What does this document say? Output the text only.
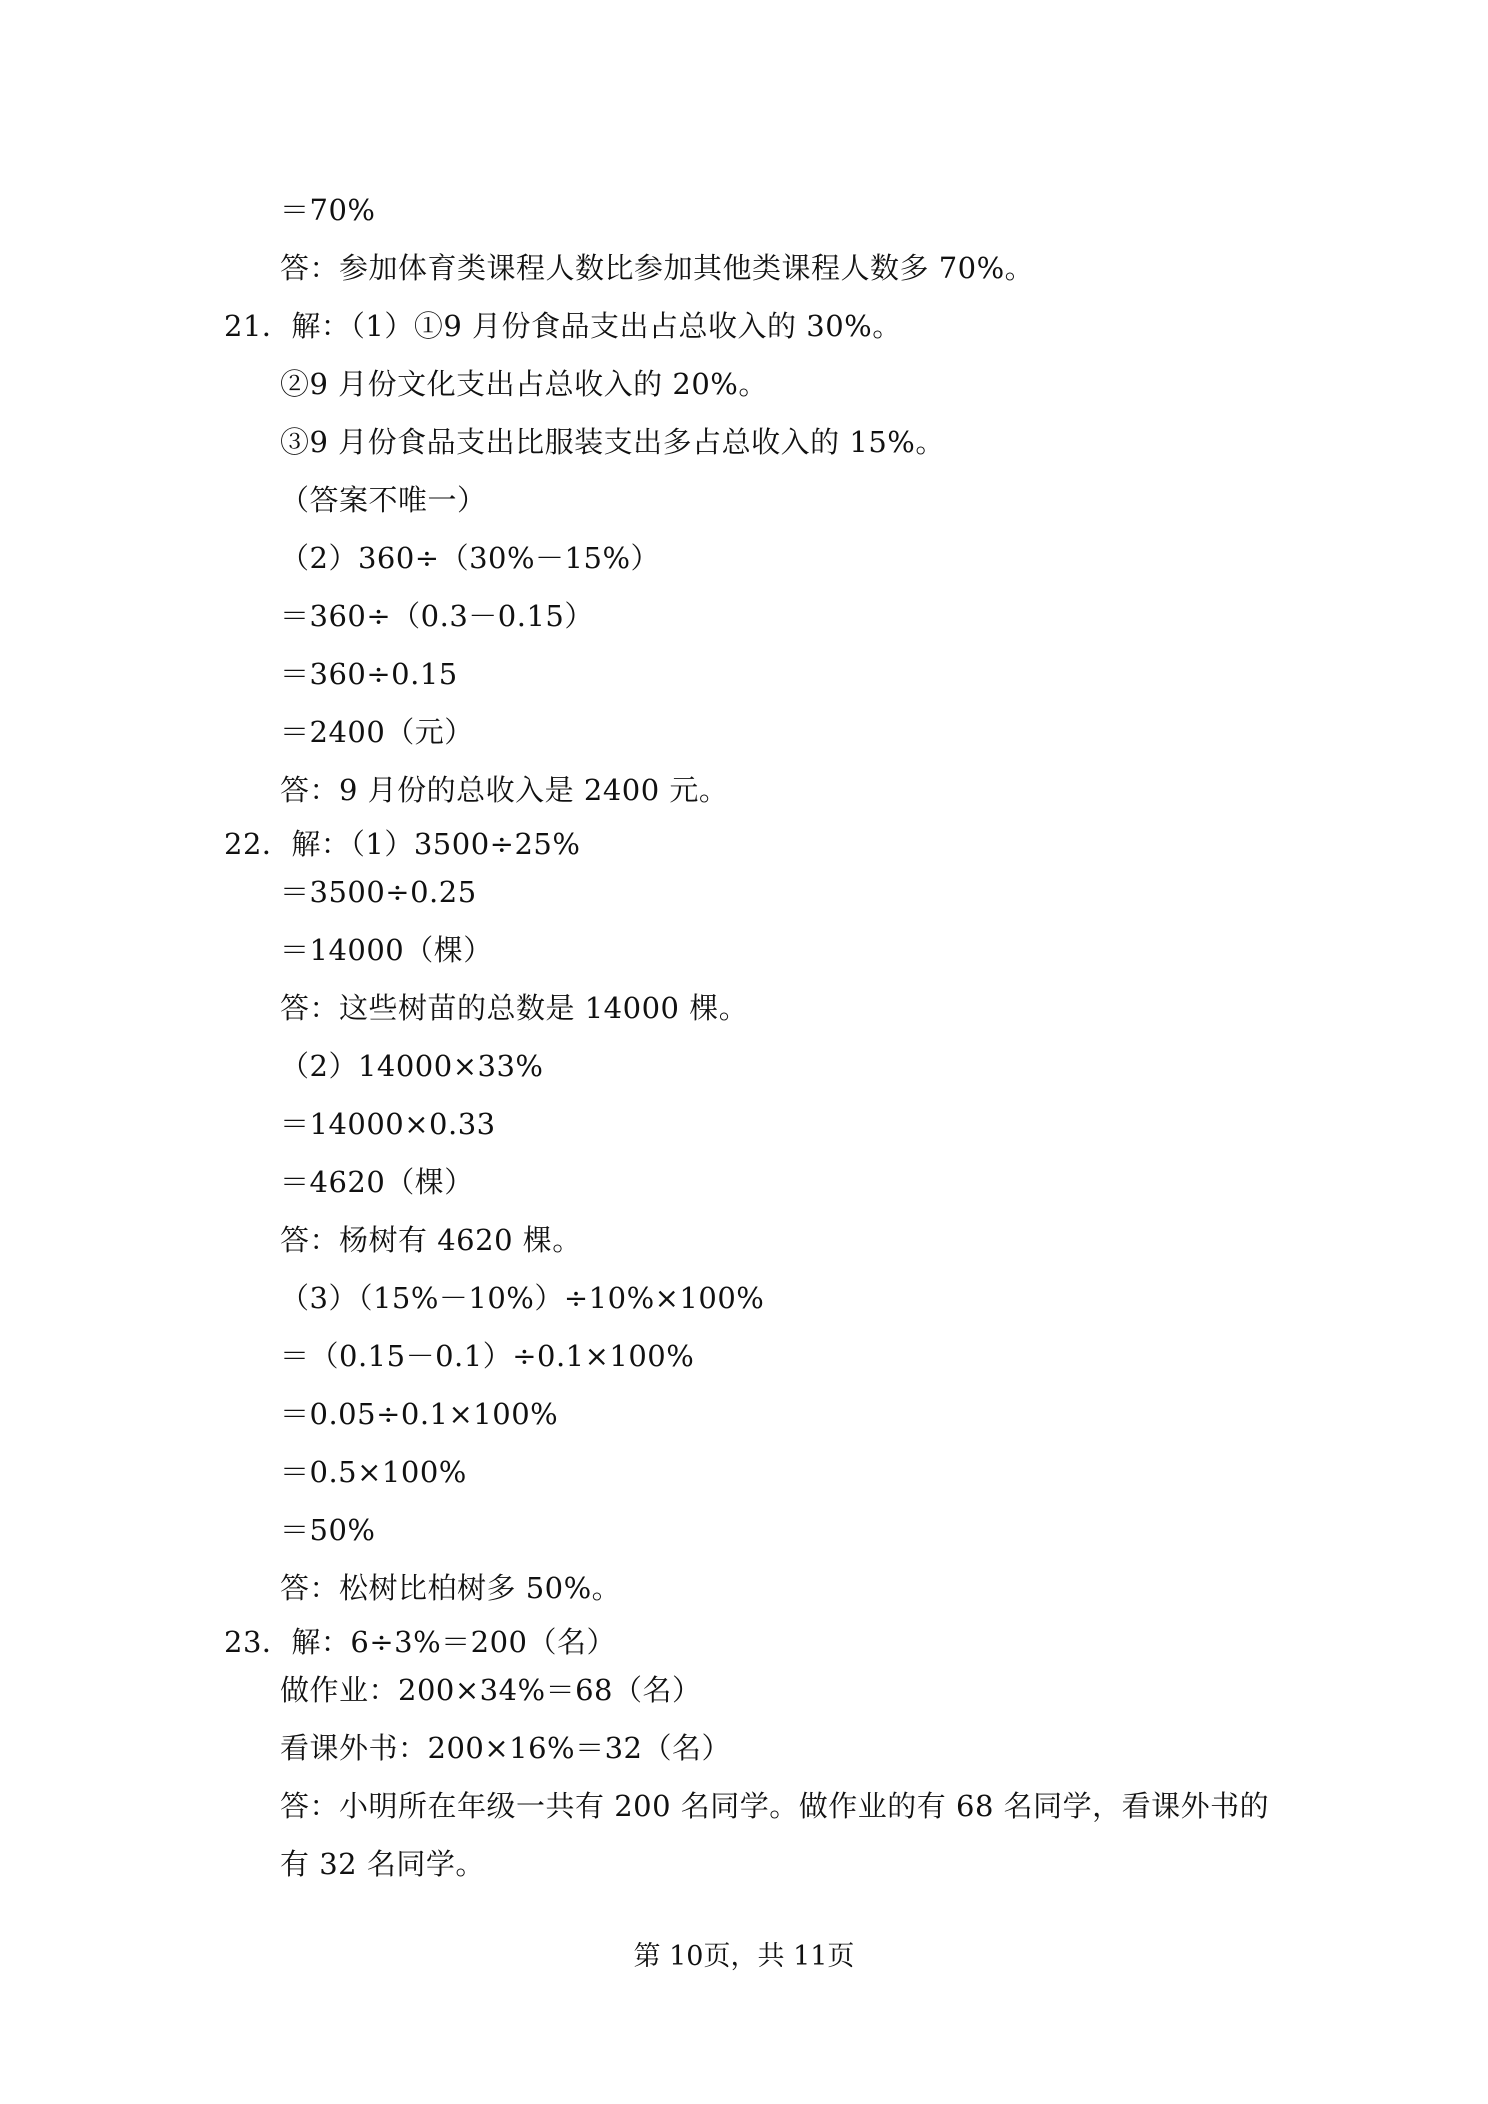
＝70%
答：参加体育类课程人数比参加其他类课程人数多 70%。
21．解：（1）①9 月份食品支出占总收入的 30%。
②9 月份文化支出占总收入的 20%。
③9 月份食品支出比服装支出多占总收入的 15%。
（答案不唯一）
（2）360÷（30%－15%）
＝360÷（0.3－0.15）
＝360÷0.15
＝2400（元）
答：9 月份的总收入是 2400 元。
22．解：（1）3500÷25%
＝3500÷0.25
＝14000（棵）
答：这些树苗的总数是 14000 棵。
（2）14000×33%
＝14000×0.33
＝4620（棵）
答：杨树有 4620 棵。
（3）（15%－10%）÷10%×100%
＝（0.15－0.1）÷0.1×100%
＝0.05÷0.1×100%
＝0.5×100%
＝50%
答：松树比柏树多 50%。
23．解：6÷3%＝200（名）
做作业：200×34%＝68（名）
看课外书：200×16%＝32（名）
答：小明所在年级一共有 200 名同学。做作业的有 68 名同学，看课外书的
有 32 名同学。
第 10页，共 11页
